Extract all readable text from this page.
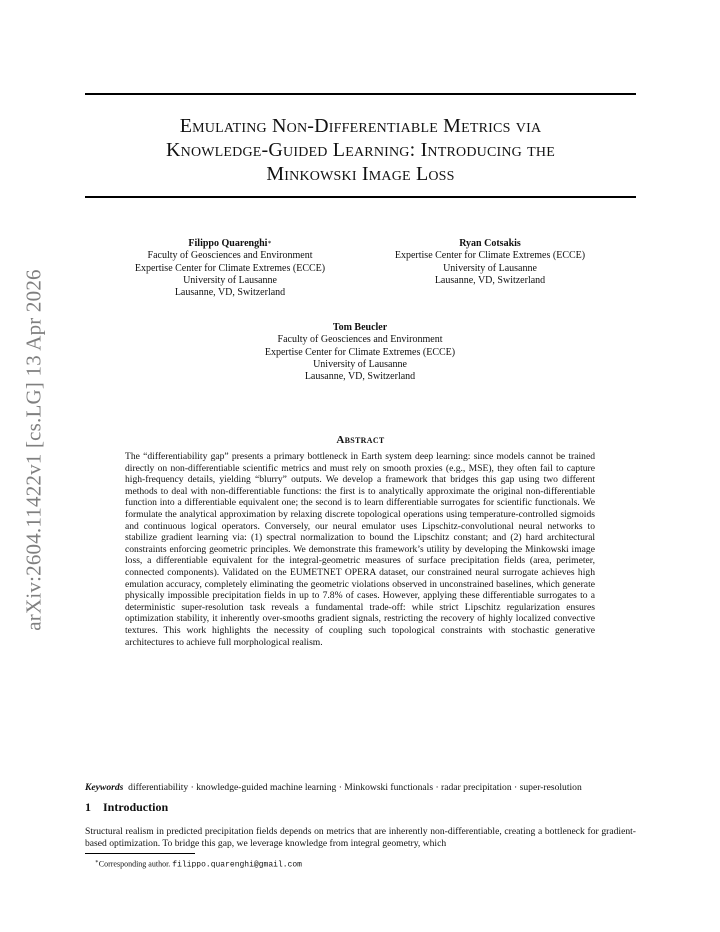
arXiv:2604.11422v1 [cs.LG] 13 Apr 2026
Emulating Non-Differentiable Metrics via
Knowledge-Guided Learning: Introducing the
Minkowski Image Loss
Filippo Quarenghi∗
Faculty of Geosciences and Environment
Expertise Center for Climate Extremes (ECCE)
University of Lausanne
Lausanne, VD, Switzerland
Ryan Cotsakis
Expertise Center for Climate Extremes (ECCE)
University of Lausanne
Lausanne, VD, Switzerland
Tom Beucler
Faculty of Geosciences and Environment
Expertise Center for Climate Extremes (ECCE)
University of Lausanne
Lausanne, VD, Switzerland
Abstract
The “differentiability gap” presents a primary bottleneck in Earth system deep learning: since models cannot be trained directly on non-differentiable scientific metrics and must rely on smooth proxies (e.g., MSE), they often fail to capture high-frequency details, yielding “blurry” outputs. We develop a framework that bridges this gap using two different methods to deal with non-differentiable functions: the first is to analytically approximate the original non-differentiable function into a differentiable equivalent one; the second is to learn differentiable surrogates for scientific functionals. We formulate the analytical approximation by relaxing discrete topological operations using temperature-controlled sigmoids and continuous logical operators. Conversely, our neural emulator uses Lipschitz-convolutional neural networks to stabilize gradient learning via: (1) spectral normalization to bound the Lipschitz constant; and (2) hard architectural constraints enforcing geometric principles. We demonstrate this framework’s utility by developing the Minkowski image loss, a differentiable equivalent for the integral-geometric measures of surface precipitation fields (area, perimeter, connected components). Validated on the EUMETNET OPERA dataset, our constrained neural surrogate achieves high emulation accuracy, completely eliminating the geometric violations observed in unconstrained baselines, which generate physically impossible precipitation fields in up to 7.8% of cases. However, applying these differentiable surrogates to a deterministic super-resolution task reveals a fundamental trade-off: while strict Lipschitz regularization ensures optimization stability, it inherently over-smooths gradient signals, restricting the recovery of highly localized convective textures. This work highlights the necessity of coupling such topological constraints with stochastic generative architectures to achieve full morphological realism.
Keywords differentiability · knowledge-guided machine learning · Minkowski functionals · radar precipitation · super-resolution
1 Introduction
Structural realism in predicted precipitation fields depends on metrics that are inherently non-differentiable, creating a bottleneck for gradient-based optimization. To bridge this gap, we leverage knowledge from integral geometry, which
∗Corresponding author. filippo.quarenghi@gmail.com
